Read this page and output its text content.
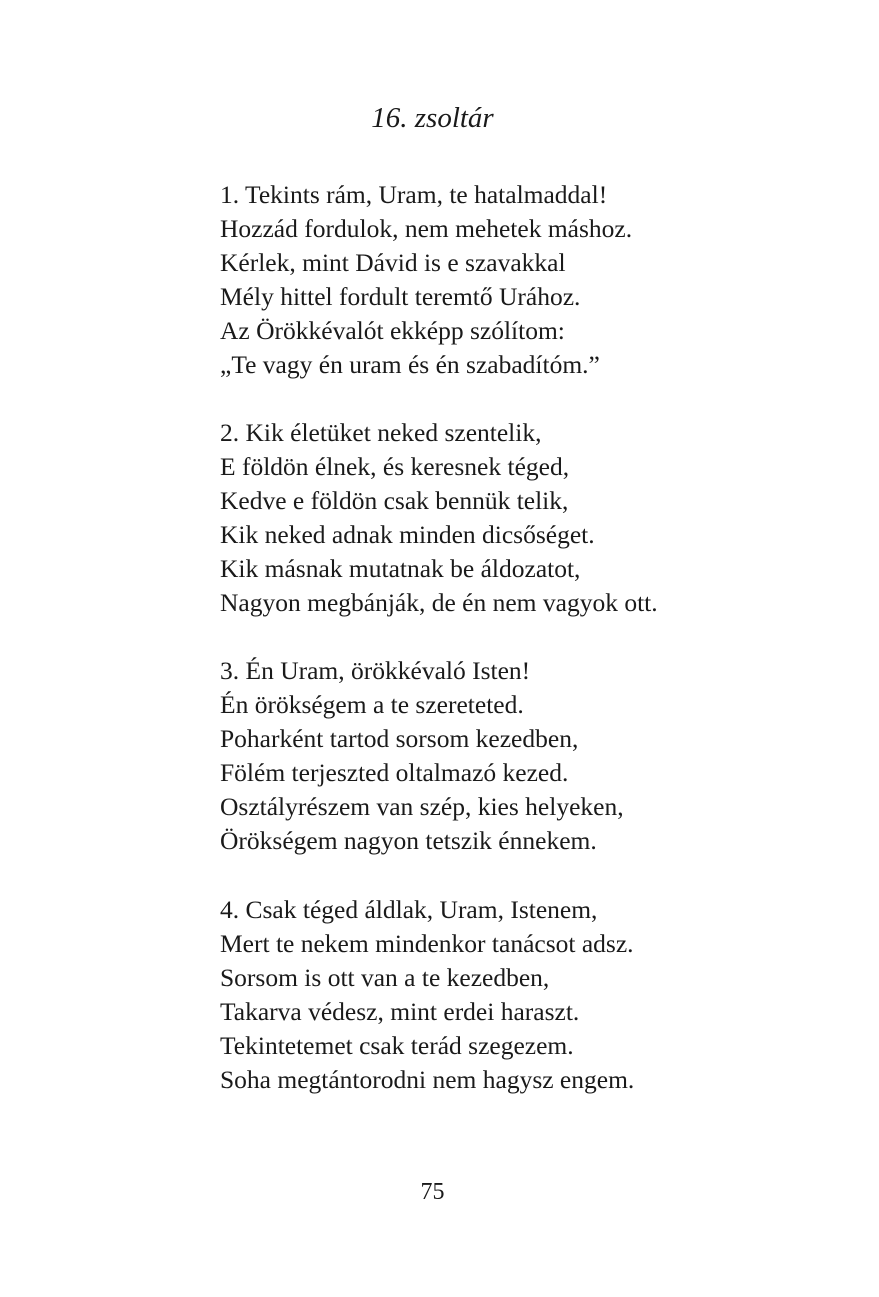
16. zsoltár
1. Tekints rám, Uram, te hatalmaddal!
Hozzád fordulok, nem mehetek máshoz.
Kérlek, mint Dávid is e szavakkal
Mély hittel fordult teremtő Urához.
Az Örökkévalót ekképp szólítom:
„Te vagy én uram és én szabadítóm.”
2. Kik életüket neked szentelik,
E földön élnek, és keresnek téged,
Kedve e földön csak bennük telik,
Kik neked adnak minden dicsőséget.
Kik másnak mutatnak be áldozatot,
Nagyon megbánják, de én nem vagyok ott.
3. Én Uram, örökkévaló Isten!
Én örökségem a te szereteted.
Poharként tartod sorsom kezedben,
Fölém terjeszted oltalmazó kezed.
Osztályrészem van szép, kies helyeken,
Örökségem nagyon tetszik énnekem.
4. Csak téged áldlak, Uram, Istenem,
Mert te nekem mindenkor tanácsot adsz.
Sorsom is ott van a te kezedben,
Takarva védesz, mint erdei haraszt.
Tekintetemet csak terád szegezem.
Soha megtántorodni nem hagysz engem.
75
